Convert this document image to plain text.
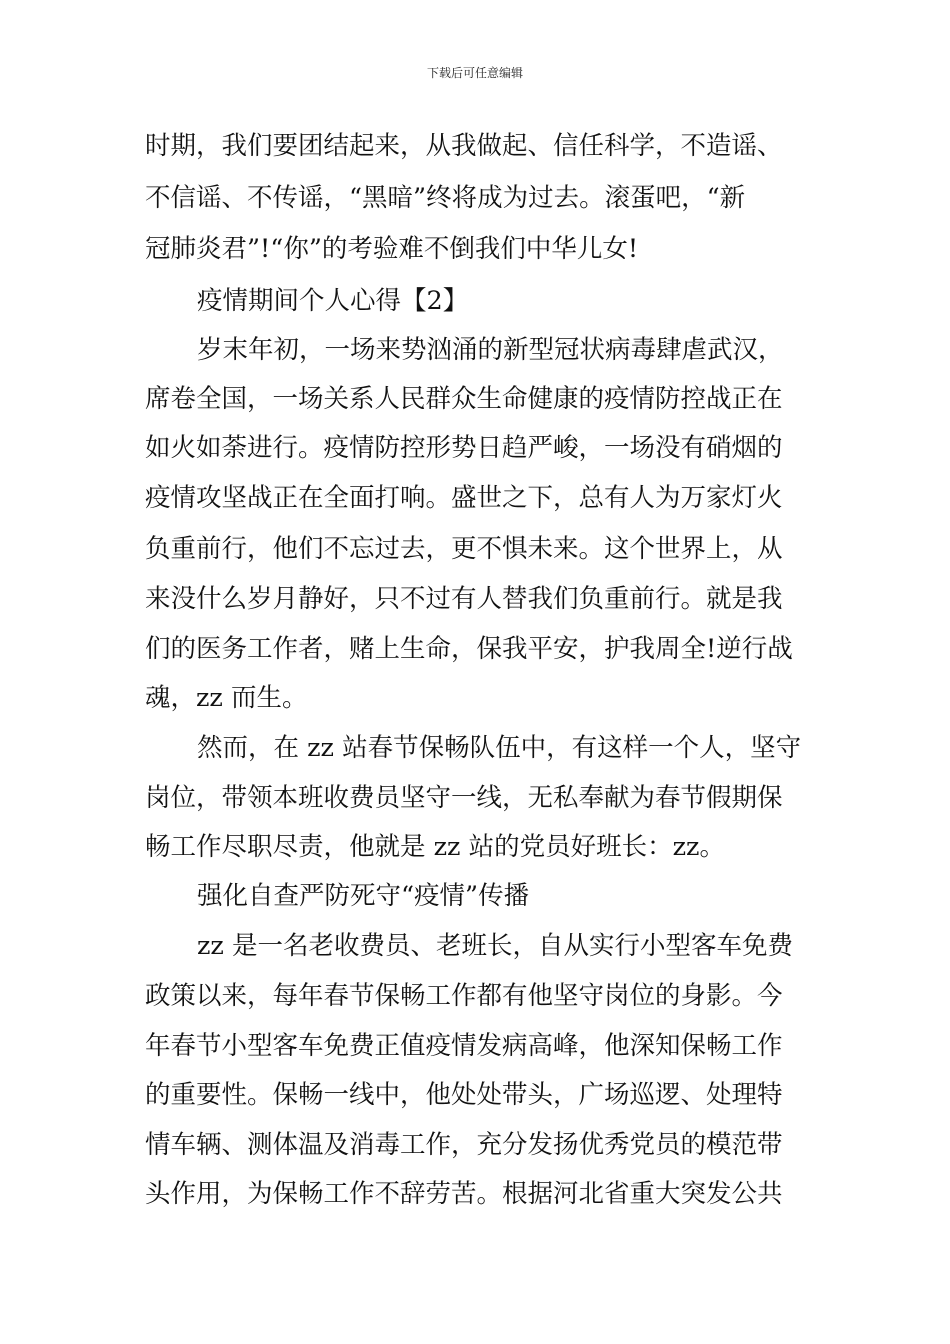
下载后可任意编辑
时期，我们要团结起来，从我做起、信任科学，不造谣、
不信谣、不传谣，“黑暗”终将成为过去。滚蛋吧，“新
冠肺炎君”!“你”的考验难不倒我们中华儿女!
疫情期间个人心得【2】
岁末年初，一场来势汹涌的新型冠状病毒肆虐武汉，
席卷全国，一场关系人民群众生命健康的疫情防控战正在
如火如荼进行。疫情防控形势日趋严峻，一场没有硝烟的
疫情攻坚战正在全面打响。盛世之下，总有人为万家灯火
负重前行，他们不忘过去，更不惧未来。这个世界上，从
来没什么岁月静好，只不过有人替我们负重前行。就是我
们的医务工作者，赌上生命，保我平安，护我周全!逆行战
魂，zz 而生。
然而，在 zz 站春节保畅队伍中，有这样一个人，坚守
岗位，带领本班收费员坚守一线，无私奉献为春节假期保
畅工作尽职尽责，他就是 zz 站的党员好班长：zz。
强化自查严防死守“疫情”传播
zz 是一名老收费员、老班长，自从实行小型客车免费
政策以来，每年春节保畅工作都有他坚守岗位的身影。今
年春节小型客车免费正值疫情发病高峰，他深知保畅工作
的重要性。保畅一线中，他处处带头，广场巡逻、处理特
情车辆、测体温及消毒工作，充分发扬优秀党员的模范带
头作用，为保畅工作不辞劳苦。根据河北省重大突发公共
